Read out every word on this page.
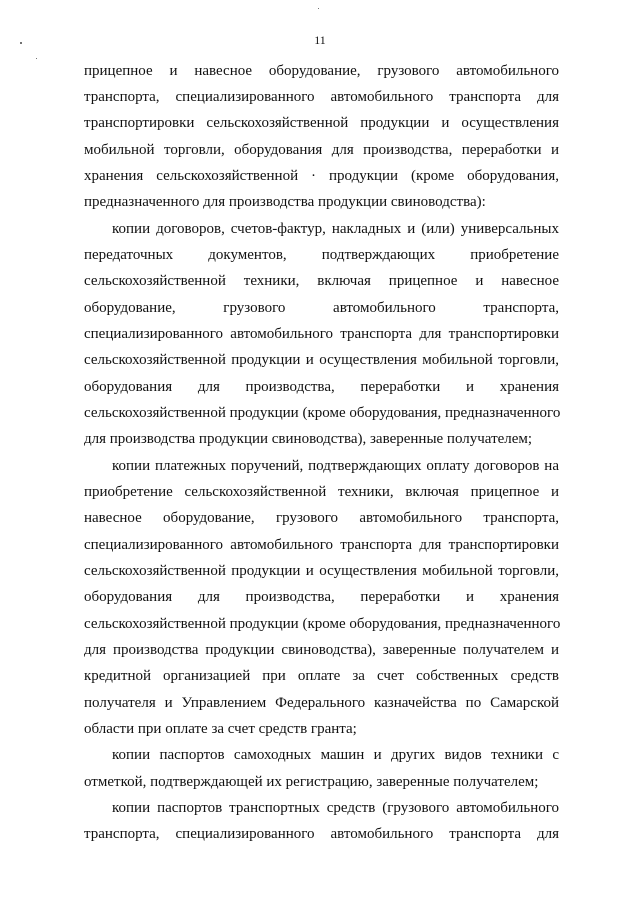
11
прицепное и навесное оборудование, грузового автомобильного
транспорта, специализированного автомобильного транспорта для
транспортировки сельскохозяйственной продукции и осуществления
мобильной торговли, оборудования для производства, переработки и
хранения сельскохозяйственной · продукции (кроме оборудования,
предназначенного для производства продукции свиноводства):
копии договоров, счетов-фактур, накладных и (или) универсальных
передаточных документов, подтверждающих приобретение
сельскохозяйственной техники, включая прицепное и навесное
оборудование, грузового автомобильного транспорта,
специализированного автомобильного транспорта для транспортировки
сельскохозяйственной продукции и осуществления мобильной торговли,
оборудования для производства, переработки и хранения
сельскохозяйственной продукции (кроме оборудования, предназначенного
для производства продукции свиноводства), заверенные получателем;
копии платежных поручений, подтверждающих оплату договоров на
приобретение сельскохозяйственной техники, включая прицепное и
навесное оборудование, грузового автомобильного транспорта,
специализированного автомобильного транспорта для транспортировки
сельскохозяйственной продукции и осуществления мобильной торговли,
оборудования для производства, переработки и хранения
сельскохозяйственной продукции (кроме оборудования, предназначенного
для производства продукции свиноводства), заверенные получателем и
кредитной организацией при оплате за счет собственных средств
получателя и Управлением Федерального казначейства по Самарской
области при оплате за счет средств гранта;
копии паспортов самоходных машин и других видов техники с
отметкой, подтверждающей их регистрацию, заверенные получателем;
копии паспортов транспортных средств (грузового автомобильного
транспорта, специализированного автомобильного транспорта для
